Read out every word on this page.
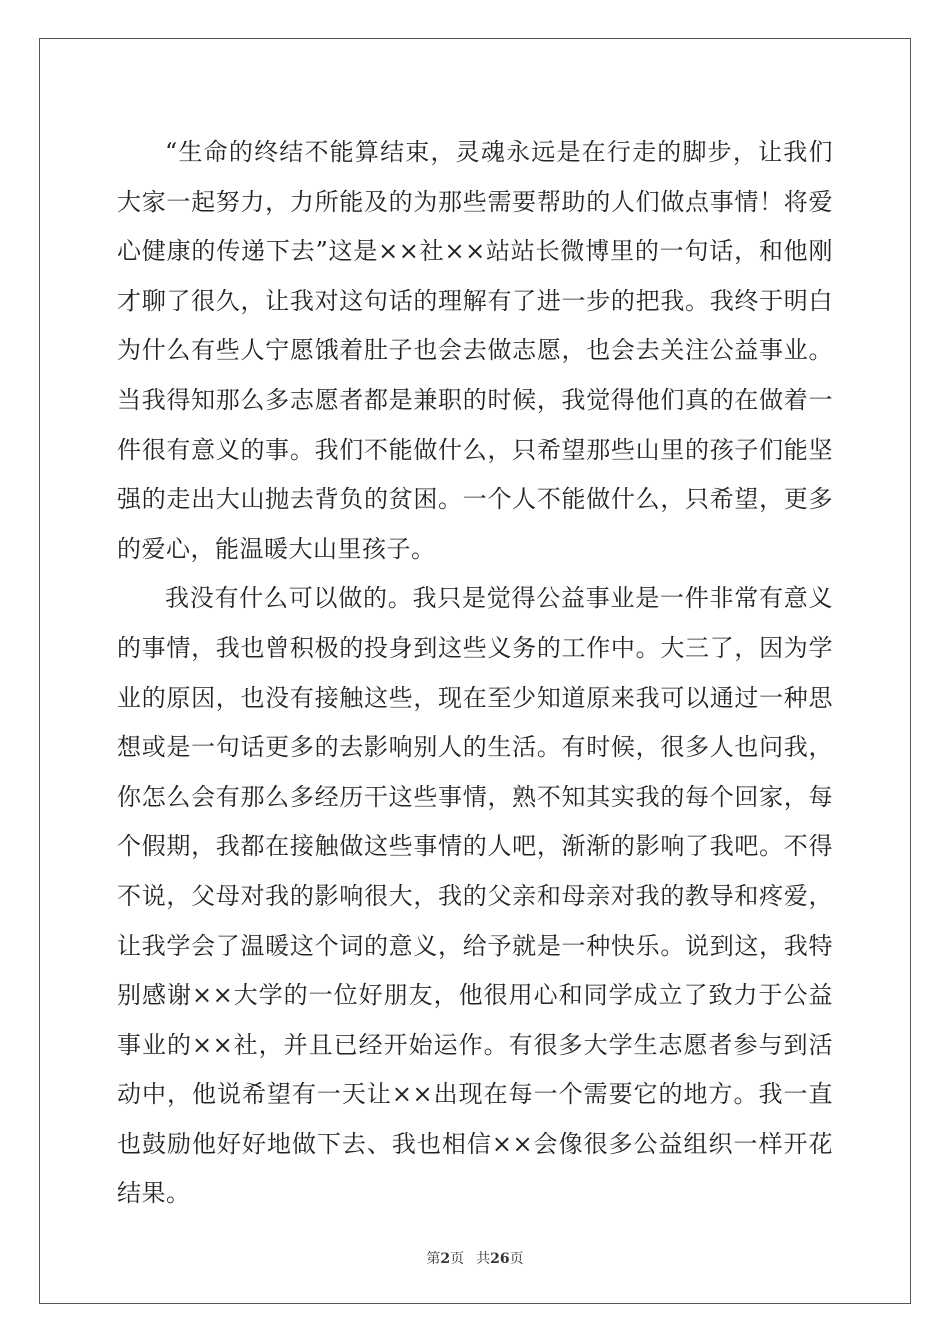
“生命的终结不能算结束，灵魂永远是在行走的脚步，让我们大家一起努力，力所能及的为那些需要帮助的人们做点事情！将爱心健康的传递下去”这是××社××站站长微博里的一句话，和他刚才聊了很久，让我对这句话的理解有了进一步的把我。我终于明白为什么有些人宁愿饿着肚子也会去做志愿，也会去关注公益事业。当我得知那么多志愿者都是兼职的时候，我觉得他们真的在做着一件很有意义的事。我们不能做什么，只希望那些山里的孩子们能坚强的走出大山抛去背负的贫困。一个人不能做什么，只希望，更多的爱心，能温暖大山里孩子。

我没有什么可以做的。我只是觉得公益事业是一件非常有意义的事情，我也曾积极的投身到这些义务的工作中。大三了，因为学业的原因，也没有接触这些，现在至少知道原来我可以通过一种思想或是一句话更多的去影响别人的生活。有时候，很多人也问我，你怎么会有那么多经历干这些事情，熟不知其实我的每个回家，每个假期，我都在接触做这些事情的人吧，渐渐的影响了我吧。不得不说，父母对我的影响很大，我的父亲和母亲对我的教导和疼爱，让我学会了温暖这个词的意义，给予就是一种快乐。说到这，我特别感谢××大学的一位好朋友，他很用心和同学成立了致力于公益事业的××社，并且已经开始运作。有很多大学生志愿者参与到活动中，他说希望有一天让××出现在每一个需要它的地方。我一直也鼓励他好好地做下去、我也相信××会像很多公益组织一样开花结果。

第2页 共26页
